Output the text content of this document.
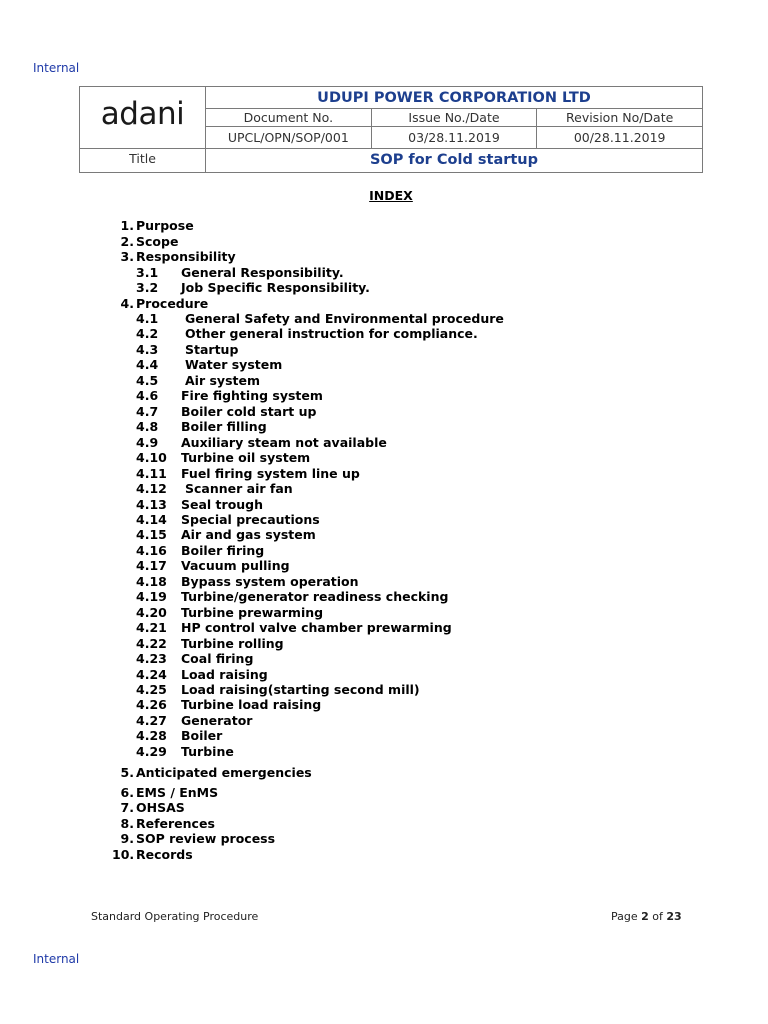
Internal
adani	UDUPI POWER CORPORATION LTD		
	Document No.	Issue No./Date	Revision No/Date
	UPCL/OPN/SOP/001	03/28.11.2019	00/28.11.2019
Title	SOP for Cold startup		
INDEX
1. Purpose
2. Scope
3. Responsibility
3.1 General Responsibility.
3.2 Job Specific Responsibility.
4. Procedure
4.1 General Safety and Environmental procedure
4.2 Other general instruction for compliance.
4.3 Startup
4.4 Water system
4.5 Air system
4.6 Fire fighting system
4.7 Boiler cold start up
4.8 Boiler filling
4.9 Auxiliary steam not available
4.10 Turbine oil system
4.11 Fuel firing system line up
4.12 Scanner air fan
4.13 Seal trough
4.14 Special precautions
4.15 Air and gas system
4.16 Boiler firing
4.17 Vacuum pulling
4.18 Bypass system operation
4.19 Turbine/generator readiness checking
4.20 Turbine prewarming
4.21 HP control valve chamber prewarming
4.22 Turbine rolling
4.23 Coal firing
4.24 Load raising
4.25 Load raising(starting second mill)
4.26 Turbine load raising
4.27 Generator
4.28 Boiler
4.29 Turbine
5. Anticipated emergencies
6. EMS / EnMS
7. OHSAS
8. References
9. SOP review process
10. Records
Standard Operating Procedure	Page 2 of 23
Internal
